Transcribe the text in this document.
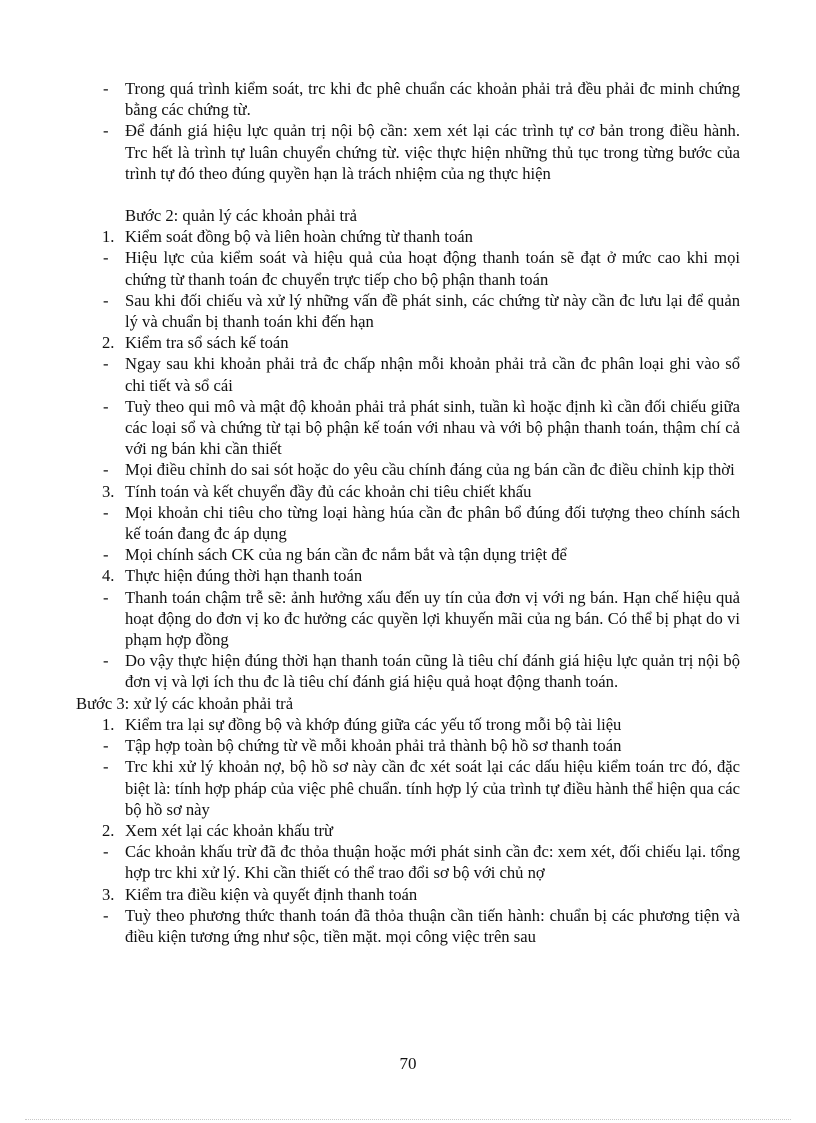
- Trong quá trình kiểm soát, trc khi đc phê chuẩn các khoản phải trả đều phải đc minh chứng bằng các chứng từ.
- Để đánh giá hiệu lực quản trị nội bộ cần: xem xét lại các trình tự cơ bản trong điều hành. Trc hết là trình tự luân chuyển chứng từ. việc thực hiện những thủ tục trong từng bước của trình tự đó theo đúng quyền hạn là trách nhiệm của ng thực hiện
Bước 2: quản lý các khoản phải trả
1. Kiểm soát đồng bộ và liên hoàn chứng từ thanh toán
- Hiệu lực của kiểm soát và hiệu quả của hoạt động thanh toán sẽ đạt ở mức cao khi mọi chứng từ thanh toán đc chuyển trực tiếp cho bộ phận thanh toán
- Sau khi đối chiếu và xử lý những vấn đề phát sinh, các chứng từ này cần đc lưu lại để quản lý và chuẩn bị thanh toán khi đến hạn
2. Kiểm tra sổ sách kế toán
- Ngay sau khi khoản phải trả đc chấp nhận mỗi khoản phải trả cần đc phân loại ghi vào sổ chi tiết và sổ cái
- Tuỳ theo qui mô và mật độ khoản phải trả phát sinh, tuần kì hoặc định kì cần đối chiếu giữa các loại sổ và chứng từ tại bộ phận kế toán với nhau và với bộ phận thanh toán, thậm chí cả với ng bán khi cần thiết
- Mọi điều chỉnh do sai sót hoặc do yêu cầu chính đáng của ng bán cần đc điều chỉnh kịp thời
3. Tính toán và kết chuyển đầy đủ các khoản chi tiêu chiết khấu
- Mọi khoản chi tiêu cho từng loại hàng húa cần đc phân bổ đúng đối tượng theo chính sách kế toán đang đc áp dụng
- Mọi chính sách CK của ng bán cần đc nắm bắt và tận dụng triệt để
4. Thực hiện đúng thời hạn thanh toán
- Thanh toán chậm trễ sẽ: ảnh hưởng xấu đến uy tín của đơn vị với ng bán. Hạn chế hiệu quả hoạt động do đơn vị ko đc hưởng các quyền lợi khuyến mãi của ng bán. Có thể bị phạt do vi phạm hợp đồng
- Do vậy thực hiện đúng thời hạn thanh toán cũng là tiêu chí đánh giá hiệu lực quản trị nội bộ đơn vị và lợi ích thu đc là tiêu chí đánh giá hiệu quả hoạt động thanh toán.
Bước 3: xử lý các khoản phải trả
1. Kiểm tra lại sự đồng bộ và khớp đúng giữa các yếu tố trong mỗi bộ tài liệu
- Tập hợp toàn bộ chứng từ về mỗi khoản phải trả thành bộ hồ sơ thanh toán
- Trc khi xử lý khoản nợ, bộ hồ sơ này cần đc xét soát lại các dấu hiệu kiểm toán trc đó, đặc biệt là: tính hợp pháp của việc phê chuẩn. tính hợp lý của trình tự điều hành thể hiện qua các bộ hồ sơ này
2. Xem xét lại các khoản khấu trừ
- Các khoản khấu trừ đã đc thỏa thuận hoặc mới phát sinh cần đc: xem xét, đối chiếu lại. tổng hợp trc khi xử lý. Khi cần thiết có thể trao đổi sơ bộ với chủ nợ
3. Kiểm tra điều kiện và quyết định thanh toán
- Tuỳ theo phương thức thanh toán đã thỏa thuận cần tiến hành: chuẩn bị các phương tiện và điều kiện tương ứng như sộc, tiền mặt. mọi công việc trên sau
70
